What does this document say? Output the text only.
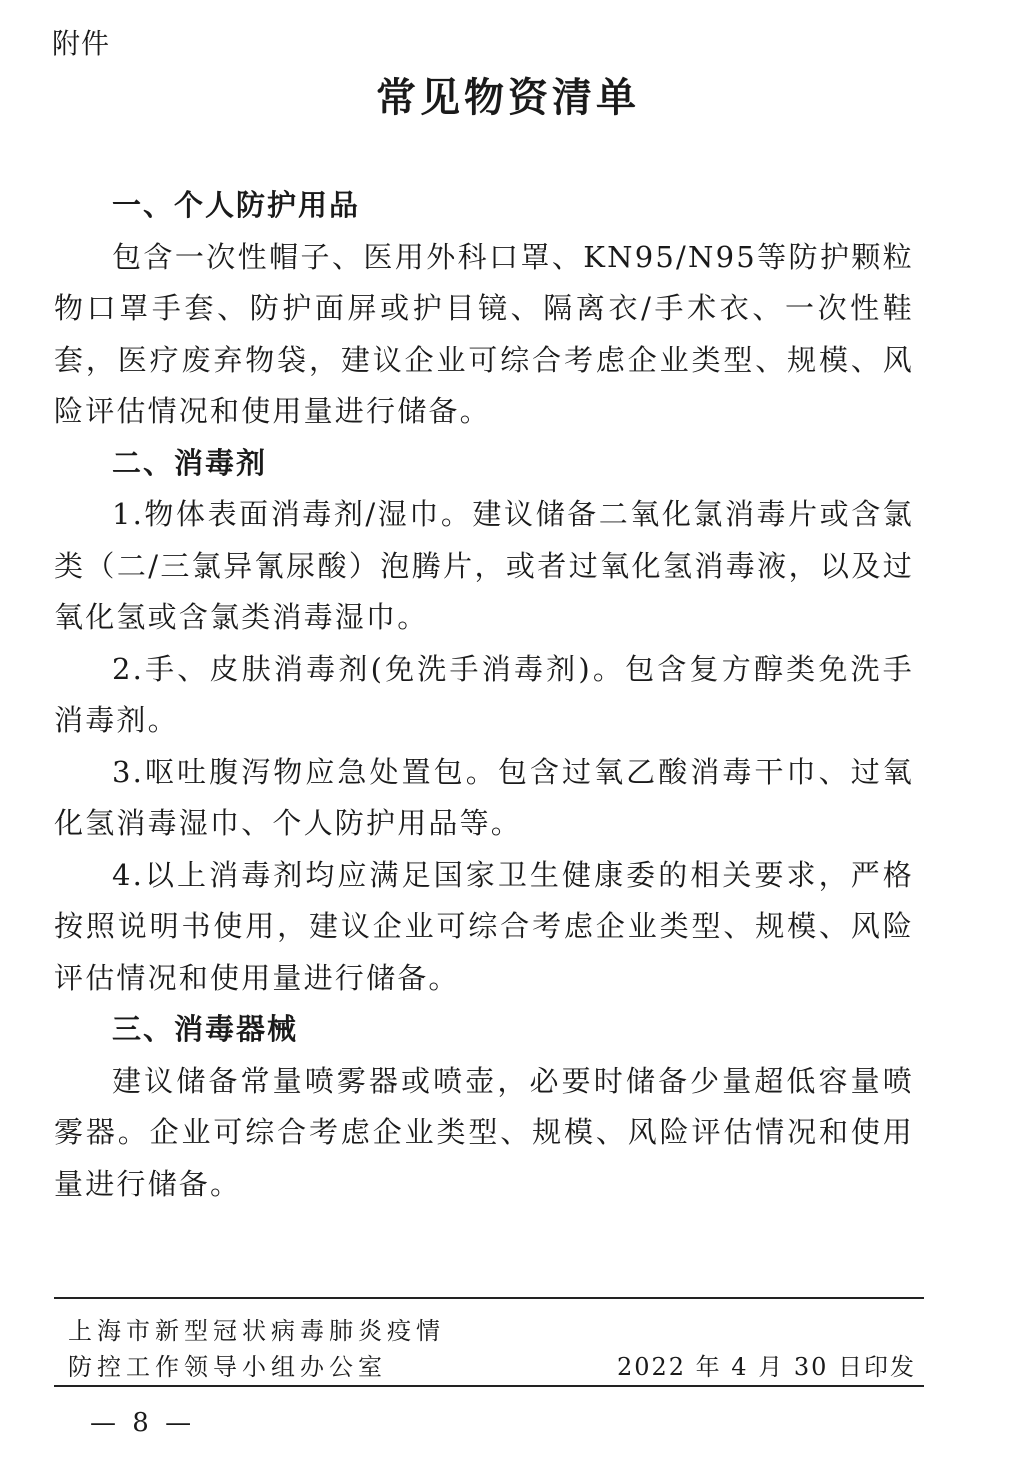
附件
常见物资清单
一、个人防护用品

包含一次性帽子、医用外科口罩、KN95/N95等防护颗粒物口罩手套、防护面屏或护目镜、隔离衣/手术衣、一次性鞋套，医疗废弃物袋，建议企业可综合考虑企业类型、规模、风险评估情况和使用量进行储备。

二、消毒剂

1.物体表面消毒剂/湿巾。建议储备二氧化氯消毒片或含氯类（二/三氯异氰尿酸）泡腾片，或者过氧化氢消毒液，以及过氧化氢或含氯类消毒湿巾。

2.手、皮肤消毒剂(免洗手消毒剂)。包含复方醇类免洗手消毒剂。

3.呕吐腹泻物应急处置包。包含过氧乙酸消毒干巾、过氧化氢消毒湿巾、个人防护用品等。

4.以上消毒剂均应满足国家卫生健康委的相关要求，严格按照说明书使用，建议企业可综合考虑企业类型、规模、风险评估情况和使用量进行储备。

三、消毒器械

建议储备常量喷雾器或喷壶，必要时储备少量超低容量喷雾器。企业可综合考虑企业类型、规模、风险评估情况和使用量进行储备。

上海市新型冠状病毒肺炎疫情
防控工作领导小组办公室	2022 年 4 月 30 日印发
— 8 —
